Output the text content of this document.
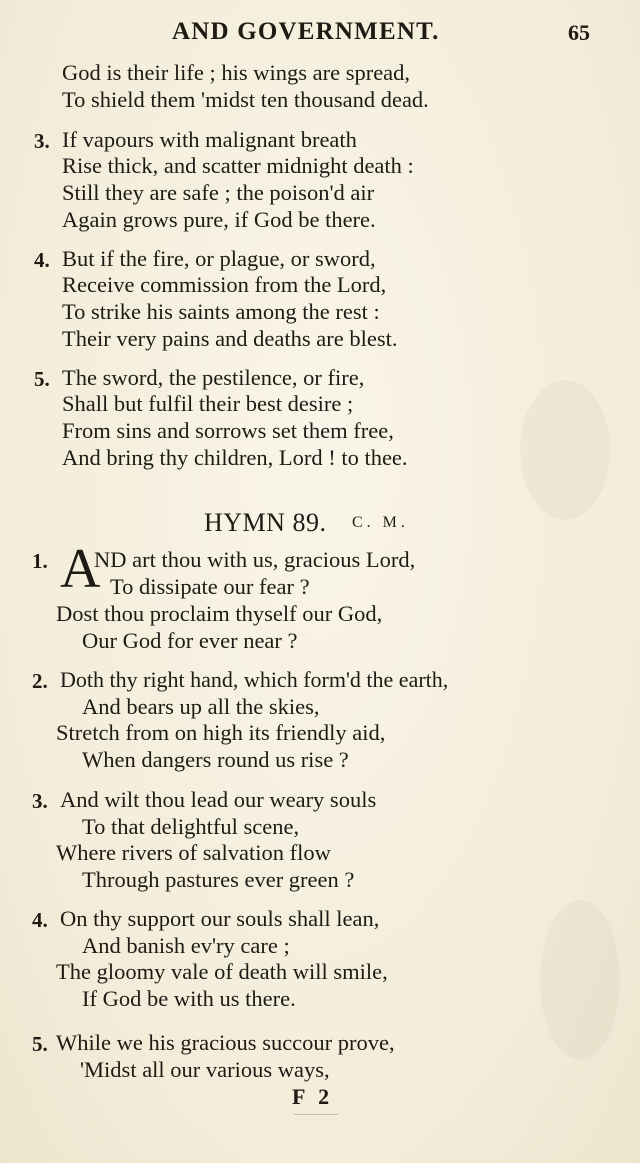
AND GOVERNMENT.	65
God is their life ; his wings are spread,
To shield them 'midst ten thousand dead.
3. If vapours with malignant breath
Rise thick, and scatter midnight death :
Still they are safe ; the poison'd air
Again grows pure, if God be there.
4. But if the fire, or plague, or sword,
Receive commission from the Lord,
To strike his saints among the rest :
Their very pains and deaths are blest.
5. The sword, the pestilence, or fire,
Shall but fulfil their best desire ;
From sins and sorrows set them free,
And bring thy children, Lord ! to thee.
HYMN 89. C. M.
1. A
ND art thou with us, gracious Lord,
To dissipate our fear ?
Dost thou proclaim thyself our God,
Our God for ever near ?
2. Doth thy right hand, which form'd the earth,
And bears up all the skies,
Stretch from on high its friendly aid,
When dangers round us rise ?
3. And wilt thou lead our weary souls
To that delightful scene,
Where rivers of salvation flow
Through pastures ever green ?
4. On thy support our souls shall lean,
And banish ev'ry care ;
The gloomy vale of death will smile,
If God be with us there.
5. While we his gracious succour prove,
'Midst all our various ways,
F 2
